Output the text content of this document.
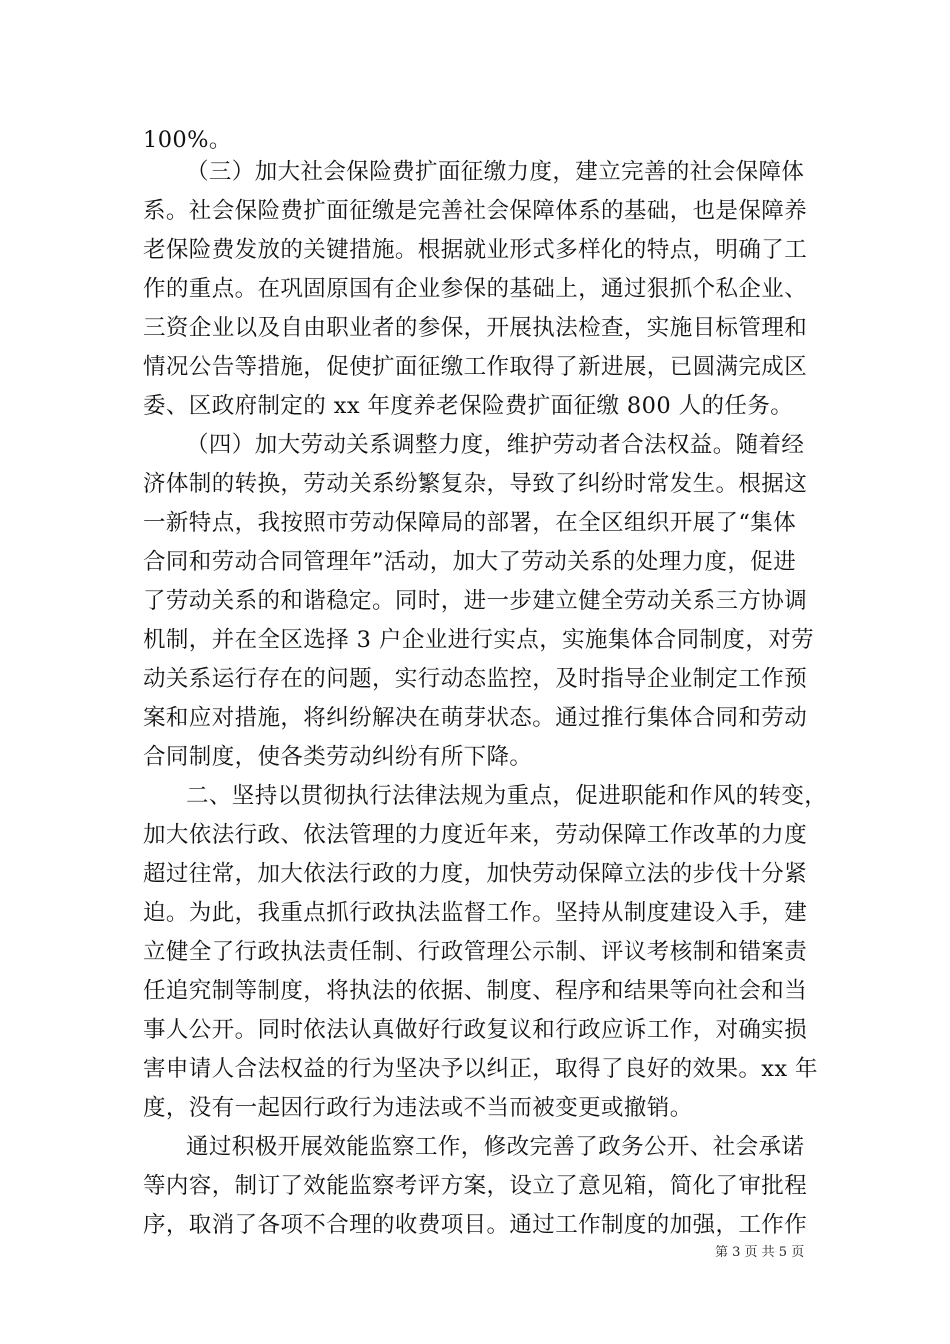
100%。
（三）加大社会保险费扩面征缴力度，建立完善的社会保障体
系。社会保险费扩面征缴是完善社会保障体系的基础，也是保障养
老保险费发放的关键措施。根据就业形式多样化的特点，明确了工
作的重点。在巩固原国有企业参保的基础上，通过狠抓个私企业、
三资企业以及自由职业者的参保，开展执法检查，实施目标管理和
情况公告等措施，促使扩面征缴工作取得了新进展，已圆满完成区
委、区政府制定的 xx 年度养老保险费扩面征缴 800 人的任务。
（四）加大劳动关系调整力度，维护劳动者合法权益。随着经
济体制的转换，劳动关系纷繁复杂，导致了纠纷时常发生。根据这
一新特点，我按照市劳动保障局的部署，在全区组织开展了“集体
合同和劳动合同管理年”活动，加大了劳动关系的处理力度，促进
了劳动关系的和谐稳定。同时，进一步建立健全劳动关系三方协调
机制，并在全区选择 3 户企业进行实点，实施集体合同制度，对劳
动关系运行存在的问题，实行动态监控，及时指导企业制定工作预
案和应对措施，将纠纷解决在萌芽状态。通过推行集体合同和劳动
合同制度，使各类劳动纠纷有所下降。
二、坚持以贯彻执行法律法规为重点，促进职能和作风的转变，
加大依法行政、依法管理的力度近年来，劳动保障工作改革的力度
超过往常，加大依法行政的力度，加快劳动保障立法的步伐十分紧
迫。为此，我重点抓行政执法监督工作。坚持从制度建设入手，建
立健全了行政执法责任制、行政管理公示制、评议考核制和错案责
任追究制等制度，将执法的依据、制度、程序和结果等向社会和当
事人公开。同时依法认真做好行政复议和行政应诉工作，对确实损
害申请人合法权益的行为坚决予以纠正，取得了良好的效果。xx 年
度，没有一起因行政行为违法或不当而被变更或撤销。
通过积极开展效能监察工作，修改完善了政务公开、社会承诺
等内容，制订了效能监察考评方案，设立了意见箱，简化了审批程
序，取消了各项不合理的收费项目。通过工作制度的加强，工作作
第 3 页 共 5 页
